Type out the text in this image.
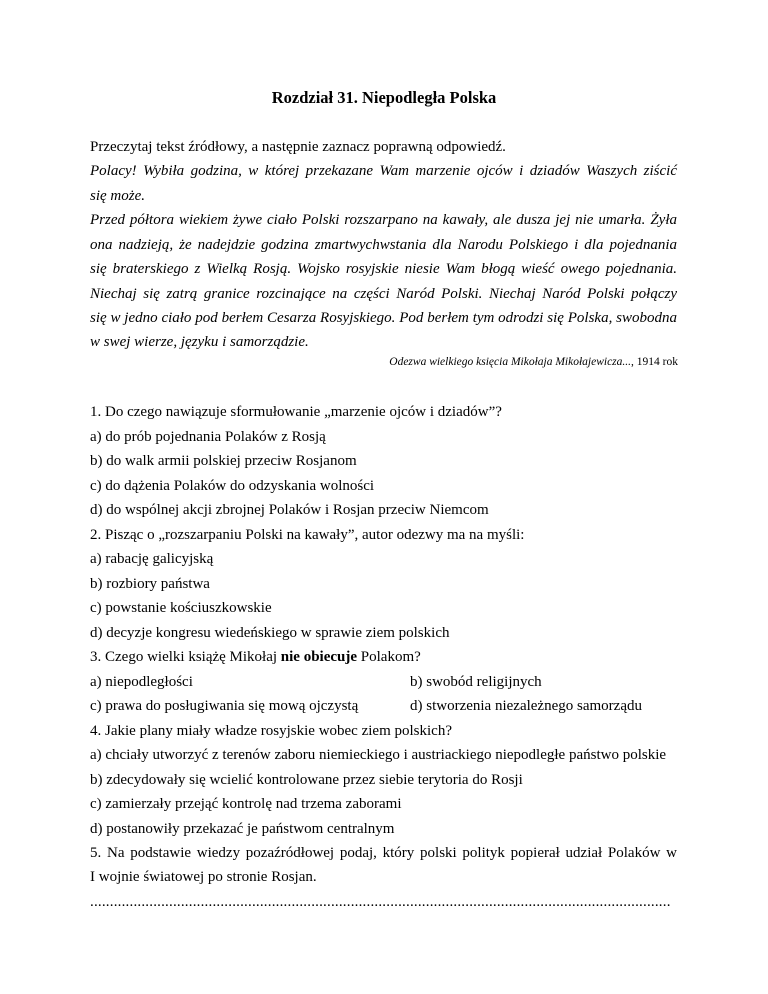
Rozdział 31. Niepodległa Polska
Przeczytaj tekst źródłowy, a następnie zaznacz poprawną odpowiedź.
Polacy! Wybiła godzina, w której przekazane Wam marzenie ojców i dziadów Waszych ziścić
się może.
Przed półtora wiekiem żywe ciało Polski rozszarpano na kawały, ale dusza jej nie umarła. Żyła
ona nadzieją, że nadejdzie godzina zmartwychwstania dla Narodu Polskiego i dla pojednania
się braterskiego z Wielką Rosją. Wojsko rosyjskie niesie Wam błogą wieść owego pojednania.
Niechaj się zatrą granice rozcinające na części Naród Polski. Niechaj Naród Polski połączy
się w jedno ciało pod berłem Cesarza Rosyjskiego. Pod berłem tym odrodzi się Polska, swobodna
w swej wierze, języku i samorządzie.
Odezwa wielkiego księcia Mikołaja Mikołajewicza..., 1914 rok
1. Do czego nawiązuje sformułowanie „marzenie ojców i dziadów”?
a) do prób pojednania Polaków z Rosją
b) do walk armii polskiej przeciw Rosjanom
c) do dążenia Polaków do odzyskania wolności
d) do wspólnej akcji zbrojnej Polaków i Rosjan przeciw Niemcom
2. Pisząc o „rozszarpaniu Polski na kawały”, autor odezwy ma na myśli:
a) rabację galicyjską
b) rozbiory państwa
c) powstanie kościuszkowskie
d) decyzje kongresu wiedeńskiego w sprawie ziem polskich
3. Czego wielki książę Mikołaj nie obiecuje Polakom?
a) niepodległości	b) swobód religijnych
c) prawa do posługiwania się mową ojczystą	d) stworzenia niezależnego samorządu
4. Jakie plany miały władze rosyjskie wobec ziem polskich?
a) chciały utworzyć z terenów zaboru niemieckiego i austriackiego niepodległe państwo polskie
b) zdecydowały się wcielić kontrolowane przez siebie terytoria do Rosji
c) zamierzały przejąć kontrolę nad trzema zaborami
d) postanowiły przekazać je państwom centralnym
5. Na podstawie wiedzy pozaźródłowej podaj, który polski polityk popierał udział Polaków w
I wojnie światowej po stronie Rosjan.
...................................................................................................................................................
